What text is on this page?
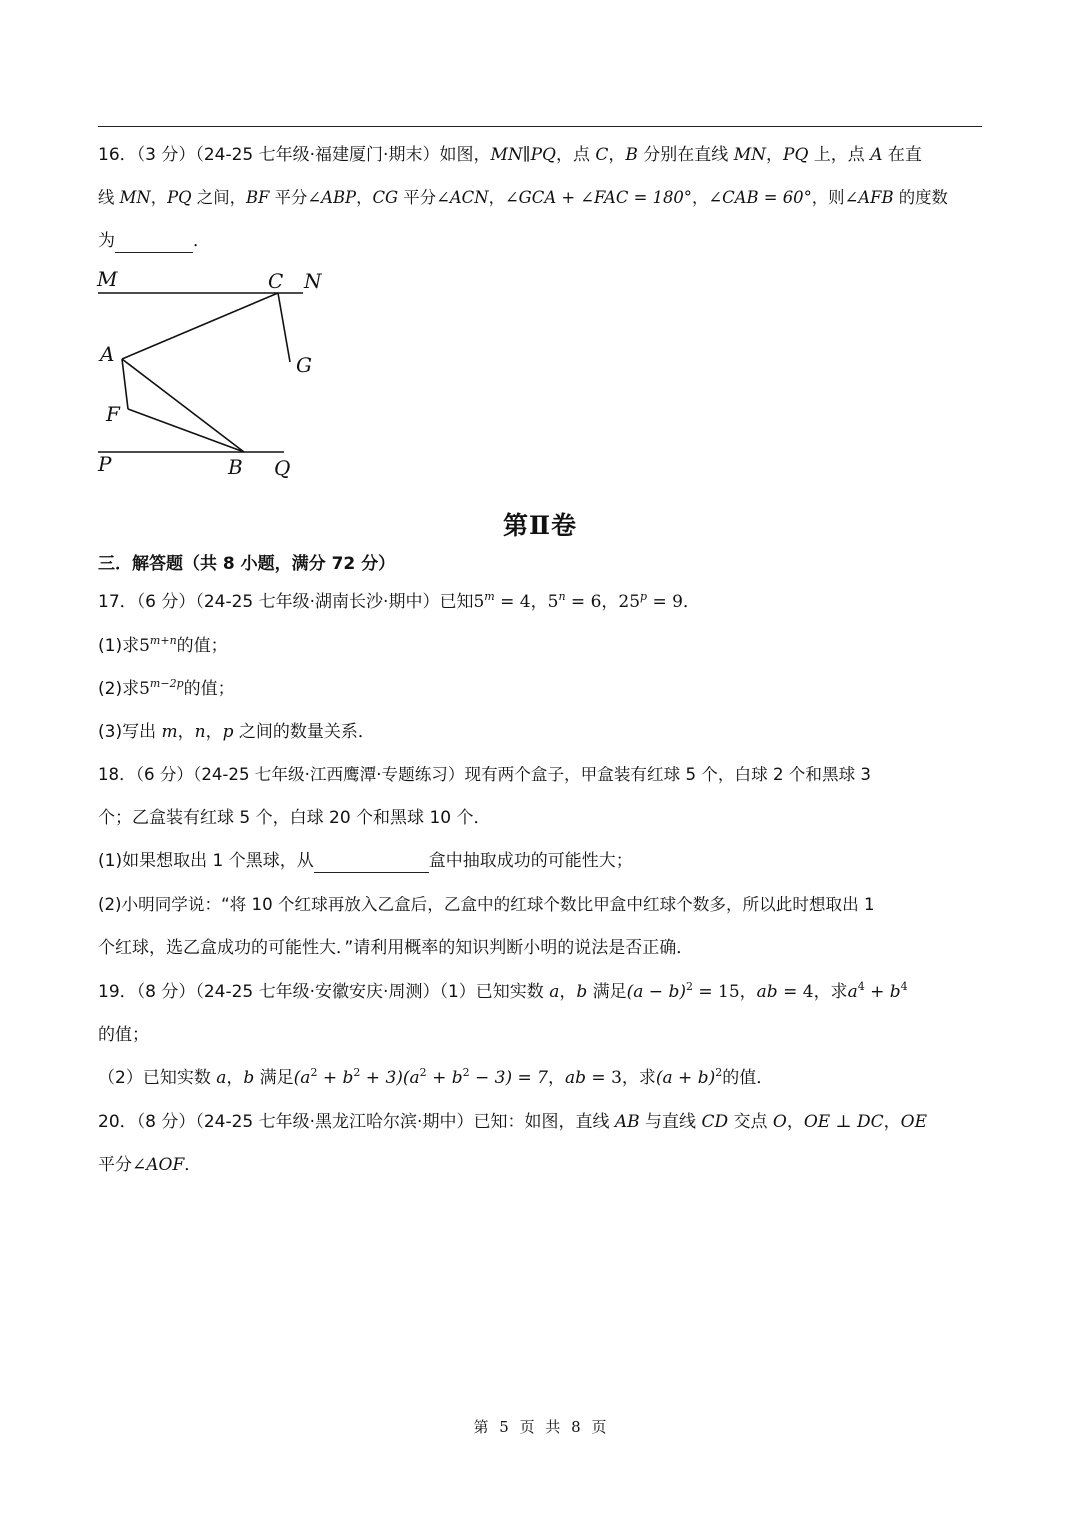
16．（3 分）（24-25 七年级·福建厦门·期末）如图，MN∥PQ，点 C，B 分别在直线 MN，PQ 上，点 A 在直
线 MN，PQ 之间，BF 平分∠ABP，CG 平分∠ACN，∠GCA + ∠FAC = 180°，∠CAB = 60°，则∠AFB 的度数
为	．
M	C N
A	G
F
P	B Q
第Ⅱ卷
三．解答题（共 8 小题，满分 72 分）
17．（6 分）（24-25 七年级·湖南长沙·期中）已知$5^m = 4$，$5^n = 6$，$25^p = 9$．
(1)求$5^{m+n}$的值；
(2)求$5^{m-2p}$的值；
(3)写出 m，n，p 之间的数量关系．
18．（6 分）（24-25 七年级·江西鹰潭·专题练习）现有两个盒子，甲盒装有红球 5 个，白球 2 个和黑球 3
个；乙盒装有红球 5 个，白球 20 个和黑球 10 个．
(1)如果想取出 1 个黑球，从	盒中抽取成功的可能性大；
(2)小明同学说：“将 10 个红球再放入乙盒后，乙盒中的红球个数比甲盒中红球个数多，所以此时想取出 1
个红球，选乙盒成功的可能性大．”请利用概率的知识判断小明的说法是否正确．
19．（8 分）（24-25 七年级·安徽安庆·周测）（1）已知实数 a，b 满足$(a - b)^2 = 15$，ab = 4，求$a^4 + b^4$
的值；
（2）已知实数 a，b 满足$(a^2 + b^2 + 3)(a^2 + b^2 - 3) = 7$，ab = 3，求$(a + b)^2$的值．
20．（8 分）（24-25 七年级·黑龙江哈尔滨·期中）已知：如图，直线 AB 与直线 CD 交点 O，OE ⊥ DC，OE
平分∠AOF．
第 5 页 共 8 页
